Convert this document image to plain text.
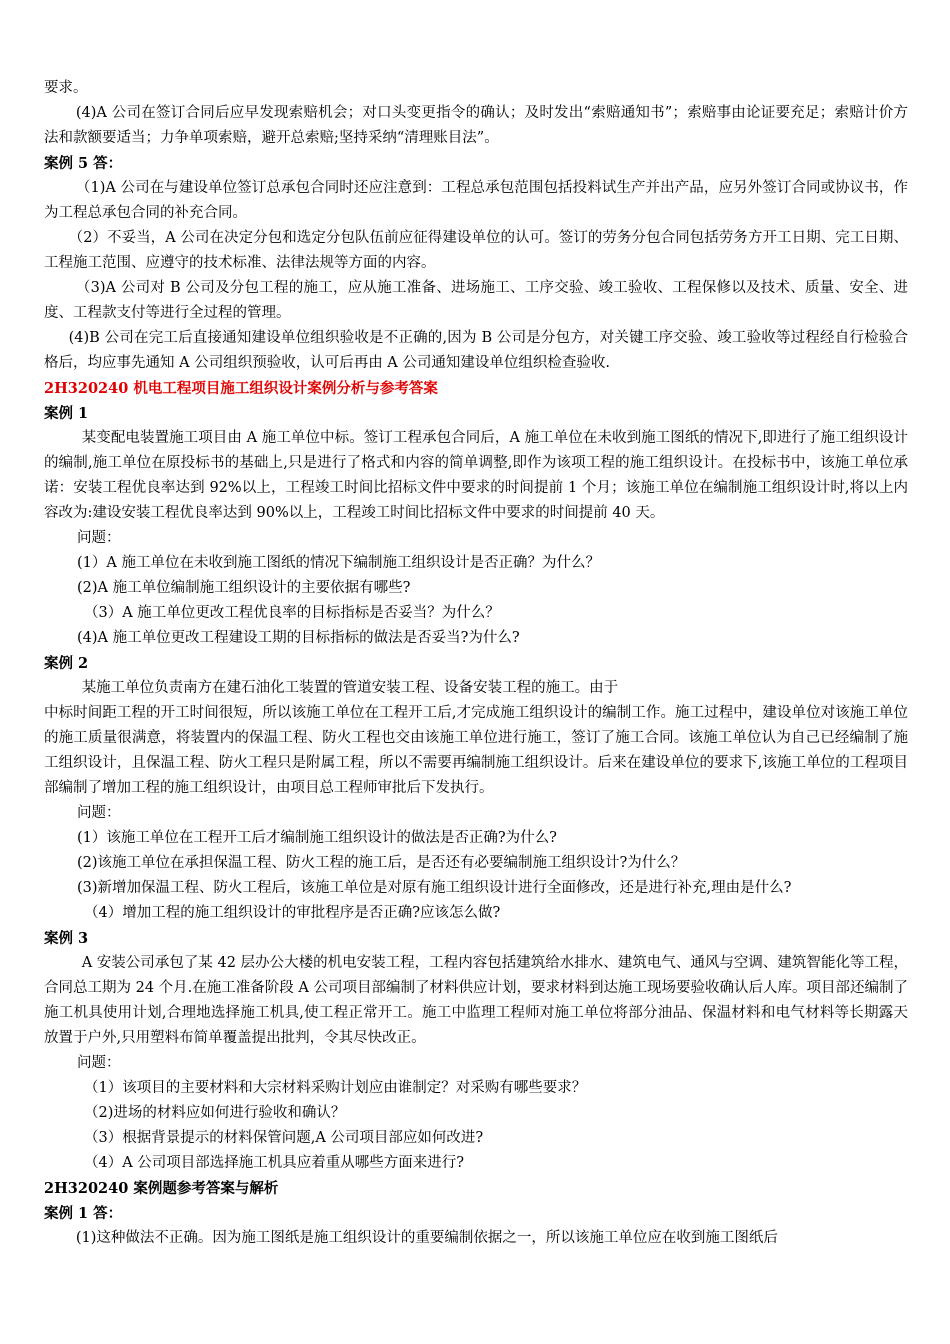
要求。

(4)A 公司在签订合同后应早发现索赔机会；对口头变更指令的确认；及时发出“索赔通知书”；索赔事由论证要充足；索赔计价方法和款额要适当；力争单项索赔，避开总索赔;坚持采纳“清理账目法”。

案例 5 答：

（1)A 公司在与建设单位签订总承包合同时还应注意到：工程总承包范围包括投料试生产并出产品，应另外签订合同或协议书，作为工程总承包合同的补充合同。

（2）不妥当，A 公司在决定分包和选定分包队伍前应征得建设单位的认可。签订的劳务分包合同包括劳务方开工日期、完工日期、工程施工范围、应遵守的技术标准、法律法规等方面的内容。

（3)A 公司对 B 公司及分包工程的施工，应从施工准备、进场施工、工序交验、竣工验收、工程保修以及技术、质量、安全、进度、工程款支付等进行全过程的管理。

(4)B 公司在完工后直接通知建设单位组织验收是不正确的,因为 B 公司是分包方，对关键工序交验、竣工验收等过程经自行检验合格后，均应事先通知 A 公司组织预验收，认可后再由 A 公司通知建设单位组织检查验收.

2H320240 机电工程项目施工组织设计案例分析与参考答案

案例 1

某变配电装置施工项目由 A 施工单位中标。签订工程承包合同后，A 施工单位在未收到施工图纸的情况下,即进行了施工组织设计的编制,施工单位在原投标书的基础上,只是进行了格式和内容的简单调整,即作为该项工程的施工组织设计。在投标书中，该施工单位承诺：安装工程优良率达到 92%以上，工程竣工时间比招标文件中要求的时间提前 1 个月；该施工单位在编制施工组织设计时,将以上内容改为:建设安装工程优良率达到 90%以上，工程竣工时间比招标文件中要求的时间提前 40 天。

问题：

(1）A 施工单位在未收到施工图纸的情况下编制施工组织设计是否正确？为什么？

(2)A 施工单位编制施工组织设计的主要依据有哪些?

（3）A 施工单位更改工程优良率的目标指标是否妥当？为什么？

(4)A 施工单位更改工程建设工期的目标指标的做法是否妥当?为什么?

案例 2

某施工单位负责南方在建石油化工装置的管道安装工程、设备安装工程的施工。由于

中标时间距工程的开工时间很短，所以该施工单位在工程开工后,才完成施工组织设计的编制工作。施工过程中，建设单位对该施工单位的施工质量很满意，将装置内的保温工程、防火工程也交由该施工单位进行施工，签订了施工合同。该施工单位认为自己已经编制了施工组织设计，且保温工程、防火工程只是附属工程，所以不需要再编制施工组织设计。后来在建设单位的要求下,该施工单位的工程项目部编制了增加工程的施工组织设计，由项目总工程师审批后下发执行。

问题：

(1）该施工单位在工程开工后才编制施工组织设计的做法是否正确?为什么?

(2)该施工单位在承担保温工程、防火工程的施工后，是否还有必要编制施工组织设计?为什么？

(3)新增加保温工程、防火工程后，该施工单位是对原有施工组织设计进行全面修改，还是进行补充,理由是什么?

（4）增加工程的施工组织设计的审批程序是否正确?应该怎么做?

案例 3

A 安装公司承包了某 42 层办公大楼的机电安装工程，工程内容包括建筑给水排水、建筑电气、通风与空调、建筑智能化等工程，合同总工期为 24 个月.在施工准备阶段 A 公司项目部编制了材料供应计划，要求材料到达施工现场要验收确认后人库。项目部还编制了施工机具使用计划,合理地选择施工机具,使工程正常开工。施工中监理工程师对施工单位将部分油品、保温材料和电气材料等长期露天放置于户外,只用塑料布简单覆盖提出批判，令其尽快改正。

问题：

（1）该项目的主要材料和大宗材料采购计划应由谁制定？对采购有哪些要求？

（2)进场的材料应如何进行验收和确认？

（3）根据背景提示的材料保管问题,A 公司项目部应如何改进?

（4）A 公司项目部选择施工机具应着重从哪些方面来进行?

2H320240 案例题参考答案与解析

案例 1 答：

(1)这种做法不正确。因为施工图纸是施工组织设计的重要编制依据之一，所以该施工单位应在收到施工图纸后
